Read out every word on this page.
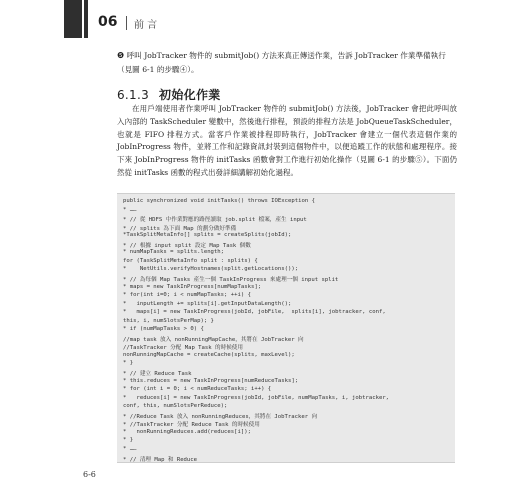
06 前 言
❺ 呼叫 JobTracker 物件的 submitJob() 方法來真正傳送作業，告訴 JobTracker 作業準備執行（見圖 6-1 的步驟④）。
6.1.3 初始化作業

在用戶端使用者作業呼叫 JobTracker 物件的 submitJob() 方法後，JobTracker 會把此呼叫放入內部的 TaskScheduler 變數中，然後進行排程，預設的排程方法是 JobQueueTaskScheduler，也就是 FIFO 排程方式。當客戶作業被排程即時執行，JobTracker 會建立一個代表這個作業的 JobInProgress 物件，並將工作和記錄資訊封裝到這個物件中，以便追蹤工作的狀態和處理程序。接下來 JobInProgress 物件的 initTasks 函數會對工作進行初始化操作（見圖 6-1 的步驟⑤）。下面仍然從 initTasks 函數的程式出發詳細講解初始化過程。

public synchronized void initTasks() throws IOException {
* ……
* // 從 HDFS 中作業對應的路徑讀取 job.split 檔案，產生 input
* // splits 為下面 Map 的劃分做好準備
*TaskSplitMetaInfo[] splits = createSplits(jobId);
* // 根據 input split 設定 Map Task 個數
* numMapTasks = splits.length;
for (TaskSplitMetaInfo split : splits) {
*    NetUtils.verifyHostnames(split.getLocations());
* // 為每個 Map Tasks 產生一個 TaskInProgress 來處理一個 input split
* maps = new TaskInProgress[numMapTasks];
* for(int i=0; i < numMapTasks; ++i) {
*   inputLength += splits[i].getInputDataLength();
*   maps[i] = new TaskInProgress(jobId, jobFile,  splits[i], jobtracker, conf,
this, i, numSlotsPerMap); }
* if (numMapTasks > 0) {
//map task 放入 nonRunningMapCache，其將在 JobTracker 向
//TaskTracker 分配 Map Task 的時候使用
nonRunningMapCache = createCache(splits, maxLevel);
* }
* // 建立 Reduce Task
* this.reduces = new TaskInProgress[numReduceTasks];
* for (int i = 0; i < numReduceTasks; i++) {
*   reduces[i] = new TaskInProgress(jobId, jobFile, numMapTasks, i, jobtracker,
conf, this, numSlotsPerReduce);
* //Reduce Task 放入 nonRunningReduces，其將在 JobTracker 向
* //TaskTracker 分配 Reduce Task 的時候使用
*   nonRunningReduces.add(reduces[i]);
* }
* ……
* // 清理 Map 和 Reduce
6-6
